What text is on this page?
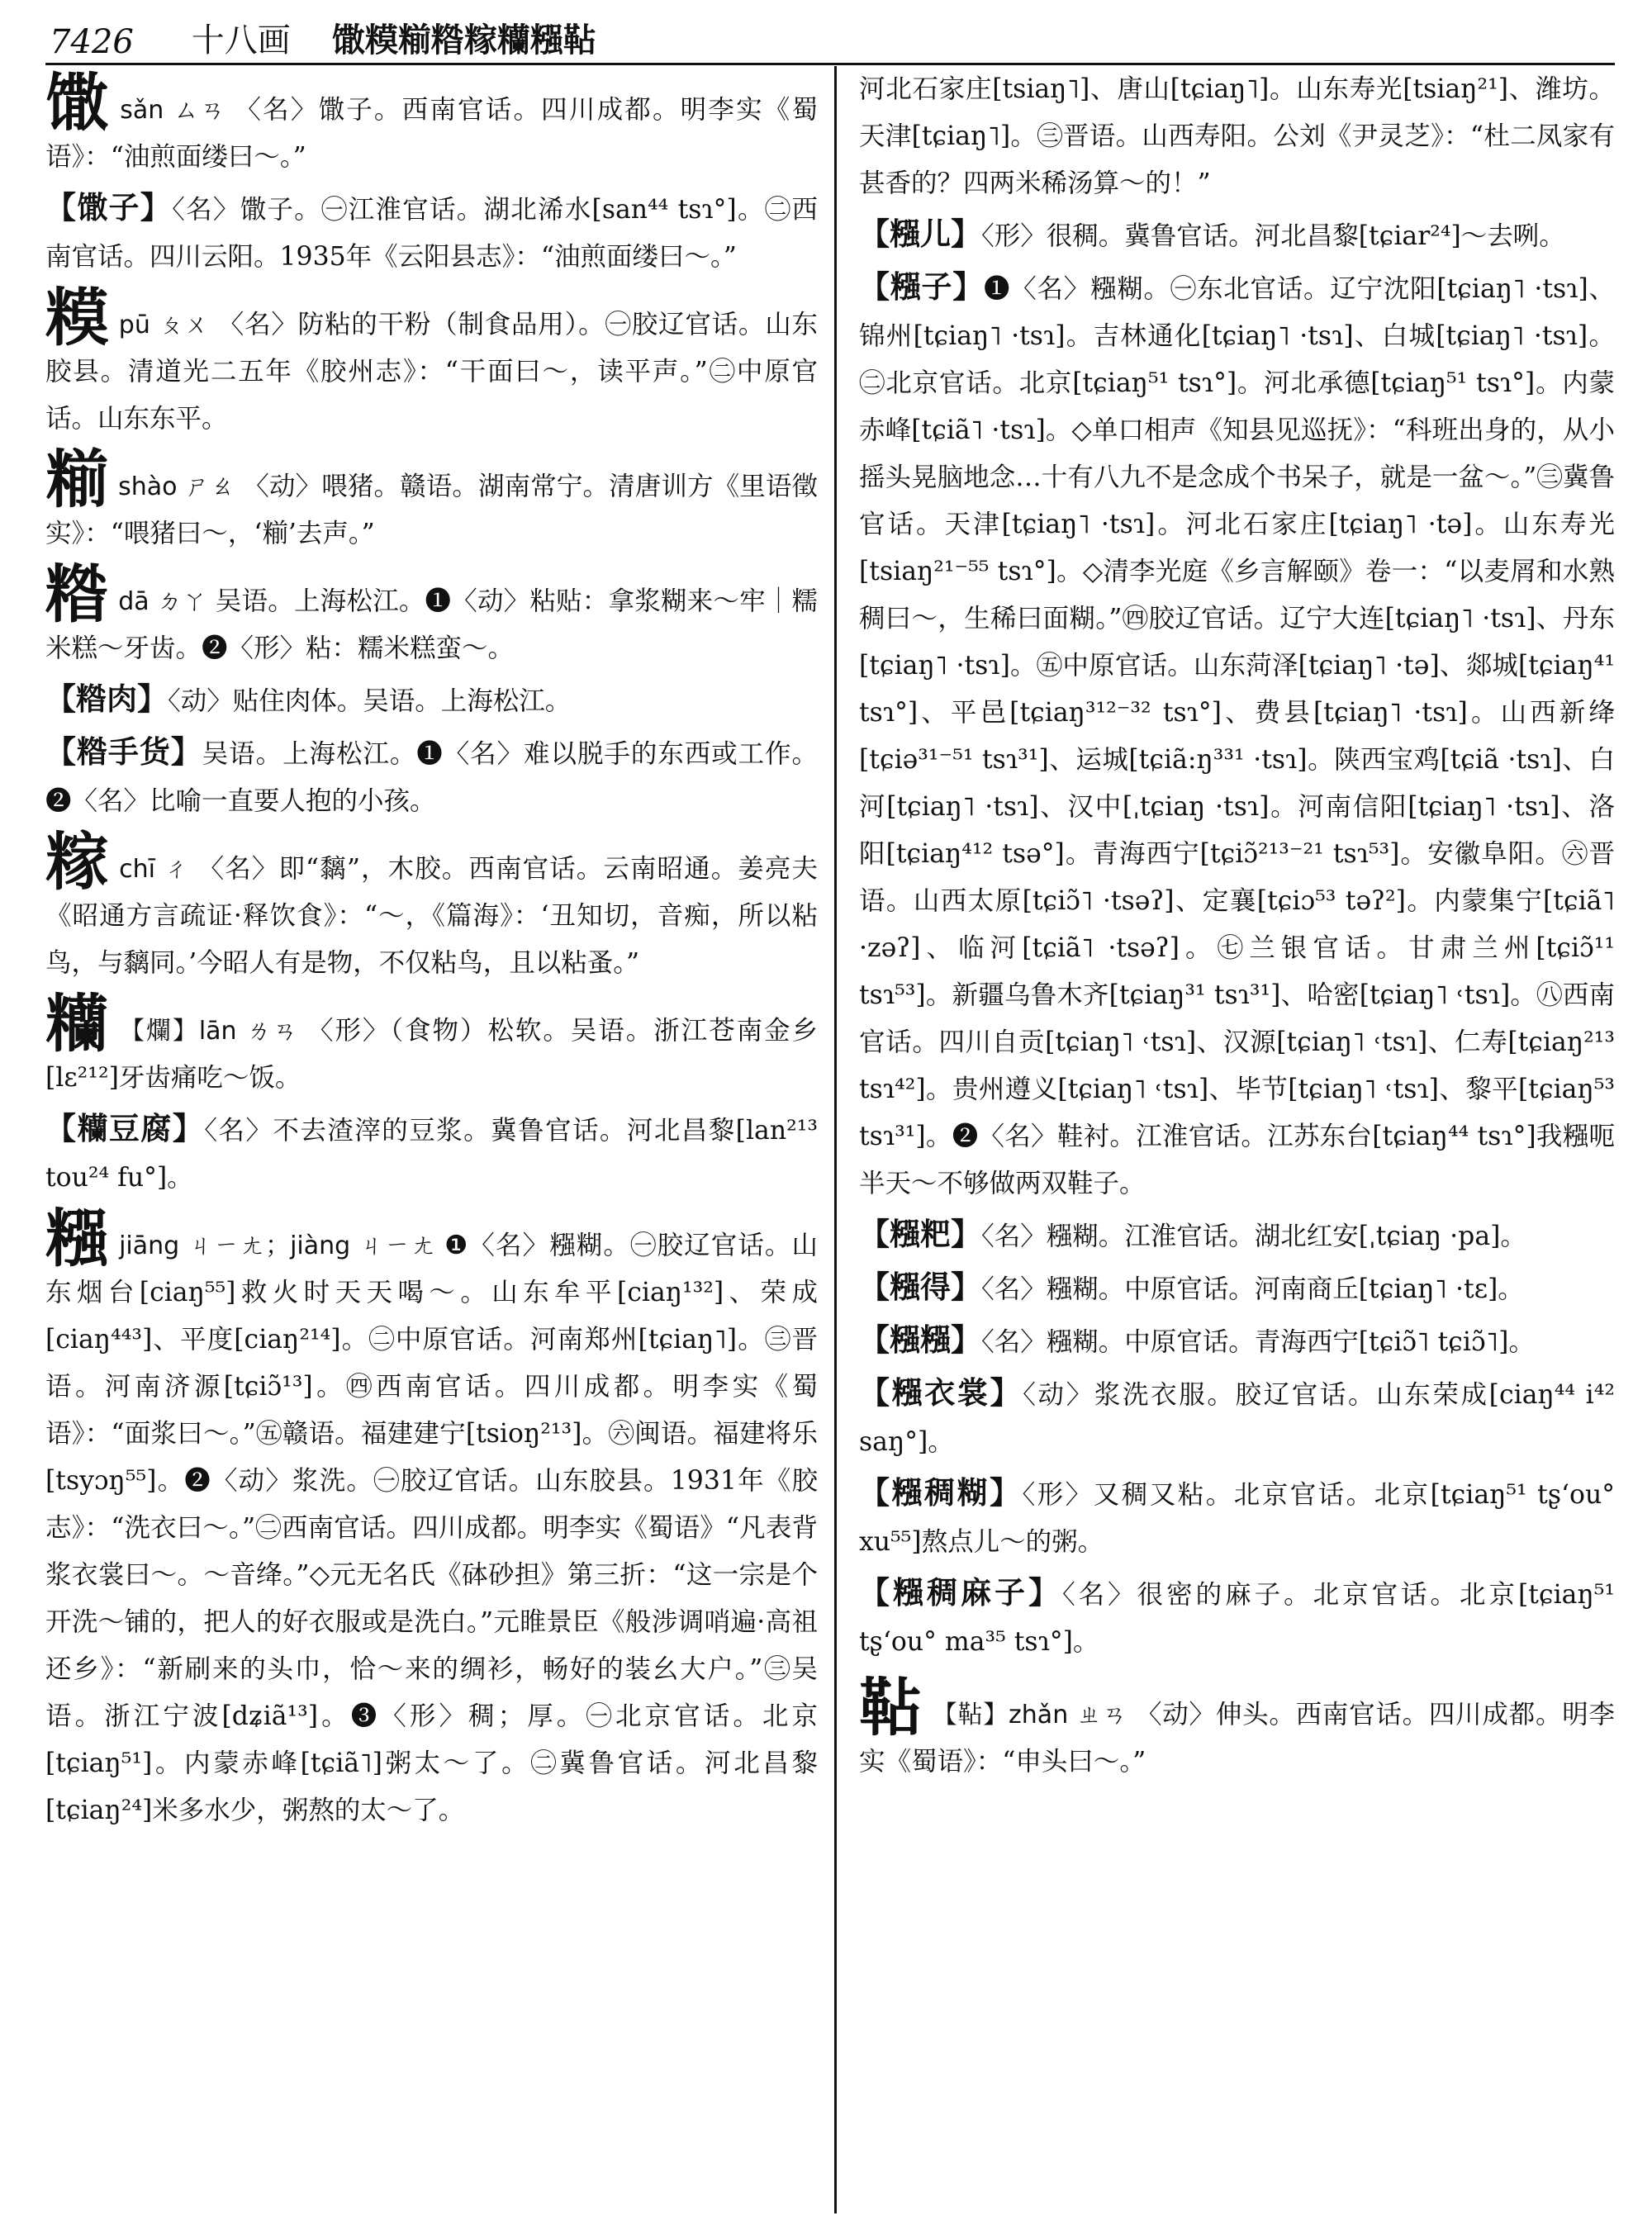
7426 十八画 馓糢糋糌糘糷糨䩞

馓sǎn ㄙㄢ 〈名〉馓子。西南官话。四川成都。明李实《蜀语》：“油煎面缕曰～。”

【馓子】〈名〉馓子。㊀江淮官话。湖北浠水[san⁴⁴ tsɿ°]。㊁西南官话。四川云阳。1935年《云阳县志》：“油煎面缕曰～。”

糢pū ㄆㄨ 〈名〉防粘的干粉（制食品用）。㊀胶辽官话。山东胶县。清道光二五年《胶州志》：“干面曰～，读平声。”㊁中原官话。山东东平。

糋shào ㄕㄠ 〈动〉喂猪。赣语。湖南常宁。清唐训方《里语徵实》：“喂猪曰～，‘糋’去声。”

糌dā ㄉㄚ 吴语。上海松江。❶〈动〉粘贴：拿浆糊来～牢｜糯米糕～牙齿。❷〈形〉粘：糯米糕蛮～。

【糌肉】〈动〉贴住肉体。吴语。上海松江。

【糌手货】吴语。上海松江。❶〈名〉难以脱手的东西或工作。❷〈名〉比喻一直要人抱的小孩。

糘chī ㄔ 〈名〉即“黐”，木胶。西南官话。云南昭通。姜亮夫《昭通方言疏证·释饮食》：“～，《篇海》：‘丑知切，音痴，所以粘鸟，与黐同。’今昭人有是物，不仅粘鸟，且以粘蚤。”

糷 【爛】lān ㄌㄢ 〈形〉（食物）松软。吴语。浙江苍南金乡[lɛ²¹²]牙齿痛吃～饭。

【糷豆腐】〈名〉不去渣滓的豆浆。冀鲁官话。河北昌黎[lan²¹³ tou²⁴ fu°]。

糨jiāng ㄐㄧㄤ；jiàng ㄐㄧㄤ ❶〈名〉糨糊。㊀胶辽官话。山东烟台[ciaŋ⁵⁵]救火时天天喝～。山东牟平[ciaŋ¹³²]、荣成[ciaŋ⁴⁴³]、平度[ciaŋ²¹⁴]。㊁中原官话。河南郑州[tɕiaŋ˥]。㊂晋语。河南济源[tɕiɔ̃¹³]。㊃西南官话。四川成都。明李实《蜀语》：“面浆曰～。”㊄赣语。福建建宁[tsioŋ²¹³]。㊅闽语。福建将乐[tsyɔŋ⁵⁵]。❷〈动〉浆洗。㊀胶辽官话。山东胶县。1931年《胶志》：“洗衣曰～。”㊁西南官话。四川成都。明李实《蜀语》“凡表背浆衣裳曰～。～音绛。”◇元无名氏《砵砂担》第三折：“这一宗是个开洗～铺的，把人的好衣服或是洗白。”元睢景臣《般涉调哨遍·高祖还乡》：“新刷来的头巾，恰～来的绸衫，畅好的装幺大户。”㊂吴语。浙江宁波[dʑiã¹³]。❸〈形〉稠；厚。㊀北京官话。北京[tɕiaŋ⁵¹]。内蒙赤峰[tɕiã˥]粥太～了。㊁冀鲁官话。河北昌黎[tɕiaŋ²⁴]米多水少，粥熬的太～了。

河北石家庄[tsiaŋ˥]、唐山[tɕiaŋ˥]。山东寿光[tsiaŋ²¹]、潍坊。天津[tɕiaŋ˥]。㊂晋语。山西寿阳。公刘《尹灵芝》：“杜二凤家有甚香的？四两米稀汤算～的！”

【糨儿】〈形〉很稠。冀鲁官话。河北昌黎[tɕiar²⁴]～去咧。

【糨子】❶〈名〉糨糊。㊀东北官话。辽宁沈阳[tɕiaŋ˥ ·tsɿ]、锦州[tɕiaŋ˥ ·tsɿ]。吉林通化[tɕiaŋ˥ ·tsɿ]、白城[tɕiaŋ˥ ·tsɿ]。㊁北京官话。北京[tɕiaŋ⁵¹ tsɿ°]。河北承德[tɕiaŋ⁵¹ tsɿ°]。内蒙赤峰[tɕiã˥ ·tsɿ]。◇单口相声《知县见巡抚》：“科班出身的，从小摇头晃脑地念…十有八九不是念成个书呆子，就是一盆～。”㊂冀鲁官话。天津[tɕiaŋ˥ ·tsɿ]。河北石家庄[tɕiaŋ˥ ·tə]。山东寿光[tsiaŋ²¹⁻⁵⁵ tsɿ°]。◇清李光庭《乡言解颐》卷一：“以麦屑和水熟稠曰～，生稀曰面糊。”㊃胶辽官话。辽宁大连[tɕiaŋ˥ ·tsɿ]、丹东[tɕiaŋ˥ ·tsɿ]。㊄中原官话。山东菏泽[tɕiaŋ˥ ·tə]、郯城[tɕiaŋ⁴¹ tsɿ°]、平邑[tɕiaŋ³¹²⁻³² tsɿ°]、费县[tɕiaŋ˥ ·tsɿ]。山西新绛[tɕiə³¹⁻⁵¹ tsɿ³¹]、运城[tɕiã:ŋ³³¹ ·tsɿ]。陕西宝鸡[tɕiã ·tsɿ]、白河[tɕiaŋ˥ ·tsɿ]、汉中[ˌtɕiaŋ ·tsɿ]。河南信阳[tɕiaŋ˥ ·tsɿ]、洛阳[tɕiaŋ⁴¹² tsə°]。青海西宁[tɕiɔ̃²¹³⁻²¹ tsɿ⁵³]。安徽阜阳。㊅晋语。山西太原[tɕiɔ̃˥ ·tsəʔ]、定襄[tɕiɔ⁵³ təʔ²]。内蒙集宁[tɕiã˥ ·zəʔ]、临河[tɕiã˥ ·tsəʔ]。㊆兰银官话。甘肃兰州[tɕiɔ̃¹¹ tsɿ⁵³]。新疆乌鲁木齐[tɕiaŋ³¹ tsɿ³¹]、哈密[tɕiaŋ˥ ˓tsɿ]。㊇西南官话。四川自贡[tɕiaŋ˥ ˓tsɿ]、汉源[tɕiaŋ˥ ˓tsɿ]、仁寿[tɕiaŋ²¹³ tsɿ⁴²]。贵州遵义[tɕiaŋ˥ ˓tsɿ]、毕节[tɕiaŋ˥ ˓tsɿ]、黎平[tɕiaŋ⁵³ tsɿ³¹]。❷〈名〉鞋衬。江淮官话。江苏东台[tɕiaŋ⁴⁴ tsɿ°]我糨呃半天～不够做两双鞋子。

【糨粑】〈名〉糨糊。江淮官话。湖北红安[ˌtɕiaŋ ·pa]。

【糨得】〈名〉糨糊。中原官话。河南商丘[tɕiaŋ˥ ·tɛ]。

【糨糨】〈名〉糨糊。中原官话。青海西宁[tɕiɔ̃˥ tɕiɔ̃˥]。

【糨衣裳】〈动〉浆洗衣服。胶辽官话。山东荣成[ciaŋ⁴⁴ i⁴² saŋ°]。

【糨稠糊】〈形〉又稠又粘。北京官话。北京[tɕiaŋ⁵¹ tʂ‘ou° xu⁵⁵]熬点儿～的粥。

【糨稠麻子】〈名〉很密的麻子。北京官话。北京[tɕiaŋ⁵¹ tʂ‘ou° ma³⁵ tsɿ°]。

䩞 【䩞】zhǎn ㄓㄢ 〈动〉伸头。西南官话。四川成都。明李实《蜀语》：“申头曰～。”
